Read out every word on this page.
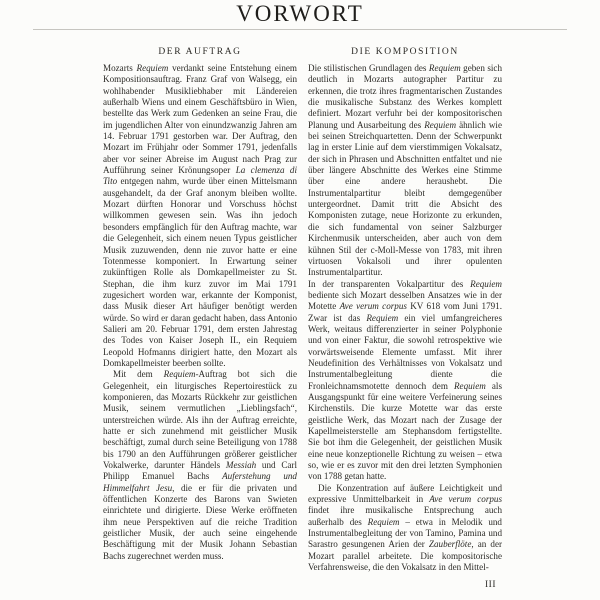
VORWORT
DER AUFTRAG	DIE KOMPOSITION

Mozarts Requiem verdankt seine Entstehung einem Kompositionsauftrag. Franz Graf von Walsegg, ein wohlhabender Musikliebhaber mit Ländereien außerhalb Wiens und einem Geschäftsbüro in Wien, bestellte das Werk zum Gedenken an seine Frau, die im jugendlichen Alter von einundzwanzig Jahren am 14. Februar 1791 gestorben war. Der Auftrag, den Mozart im Frühjahr oder Sommer 1791, jedenfalls aber vor seiner Abreise im August nach Prag zur Aufführung seiner Krönungsoper La clemenza di Tito entgegen nahm, wurde über einen Mittelsmann ausgehandelt, da der Graf anonym bleiben wollte. Mozart dürften Honorar und Vorschuss höchst willkommen gewesen sein. Was ihn jedoch besonders empfänglich für den Auftrag machte, war die Gelegenheit, sich einem neuen Typus geistlicher Musik zuzuwenden, denn nie zuvor hatte er eine Totenmesse komponiert. In Erwartung seiner zukünftigen Rolle als Domkapellmeister zu St. Stephan, die ihm kurz zuvor im Mai 1791 zugesichert worden war, erkannte der Komponist, dass Musik dieser Art häufiger benötigt werden würde. So wird er daran gedacht haben, dass Antonio Salieri am 20. Februar 1791, dem ersten Jahrestag des Todes von Kaiser Joseph II., ein Requiem Leopold Hofmanns dirigiert hatte, den Mozart als Domkapellmeister beerben sollte.

Mit dem Requiem-Auftrag bot sich die Gelegenheit, ein liturgisches Repertoirestück zu komponieren, das Mozarts Rückkehr zur geistlichen Musik, seinem vermutlichen „Lieblingsfach“, unterstreichen würde. Als ihn der Auftrag erreichte, hatte er sich zunehmend mit geistlicher Musik beschäftigt, zumal durch seine Beteiligung von 1788 bis 1790 an den Aufführungen größerer geistlicher Vokalwerke, darunter Händels Messiah und Carl Philipp Emanuel Bachs Auferstehung und Himmelfahrt Jesu, die er für die privaten und öffentlichen Konzerte des Barons van Swieten einrichtete und dirigierte. Diese Werke eröffneten ihm neue Perspektiven auf die reiche Tradition geistlicher Musik, der auch seine eingehende Beschäftigung mit der Musik Johann Sebastian Bachs zugerechnet werden muss.

Die stilistischen Grundlagen des Requiem geben sich deutlich in Mozarts autographer Partitur zu erkennen, die trotz ihres fragmentarischen Zustandes die musikalische Substanz des Werkes komplett definiert. Mozart verfuhr bei der kompositorischen Planung und Ausarbeitung des Requiem ähnlich wie bei seinen Streichquartetten. Denn der Schwerpunkt lag in erster Linie auf dem vierstimmigen Vokalsatz, der sich in Phrasen und Abschnitten entfaltet und nie über längere Abschnitte des Werkes eine Stimme über eine andere heraushebt. Die Instrumentalpartitur bleibt demgegenüber untergeordnet. Damit tritt die Absicht des Komponisten zutage, neue Horizonte zu erkunden, die sich fundamental von seiner Salzburger Kirchenmusik unterscheiden, aber auch von dem kühnen Stil der c-Moll-Messe von 1783, mit ihren virtuosen Vokalsoli und ihrer opulenten Instrumentalpartitur.

In der transparenten Vokalpartitur des Requiem bediente sich Mozart desselben Ansatzes wie in der Motette Ave verum corpus KV 618 vom Juni 1791. Zwar ist das Requiem ein viel umfangreicheres Werk, weitaus differenzierter in seiner Polyphonie und von einer Faktur, die sowohl retrospektive wie vorwärtsweisende Elemente umfasst. Mit ihrer Neudefinition des Verhältnisses von Vokalsatz und Instrumentalbegleitung diente die Fronleichnamsmotette dennoch dem Requiem als Ausgangspunkt für eine weitere Verfeinerung seines Kirchenstils. Die kurze Motette war das erste geistliche Werk, das Mozart nach der Zusage der Kapellmeisterstelle am Stephansdom fertigstellte. Sie bot ihm die Gelegenheit, der geistlichen Musik eine neue konzeptionelle Richtung zu weisen – etwa so, wie er es zuvor mit den drei letzten Symphonien von 1788 getan hatte.

Die Konzentration auf äußere Leichtigkeit und expressive Unmittelbarkeit in Ave verum corpus findet ihre musikalische Entsprechung auch außerhalb des Requiem – etwa in Melodik und Instrumentalbegleitung der von Tamino, Pamina und Sarastro gesungenen Arien der Zauberflöte, an der Mozart parallel arbeitete. Die kompositorische Verfahrensweise, die den Vokalsatz in den Mittel-

III
